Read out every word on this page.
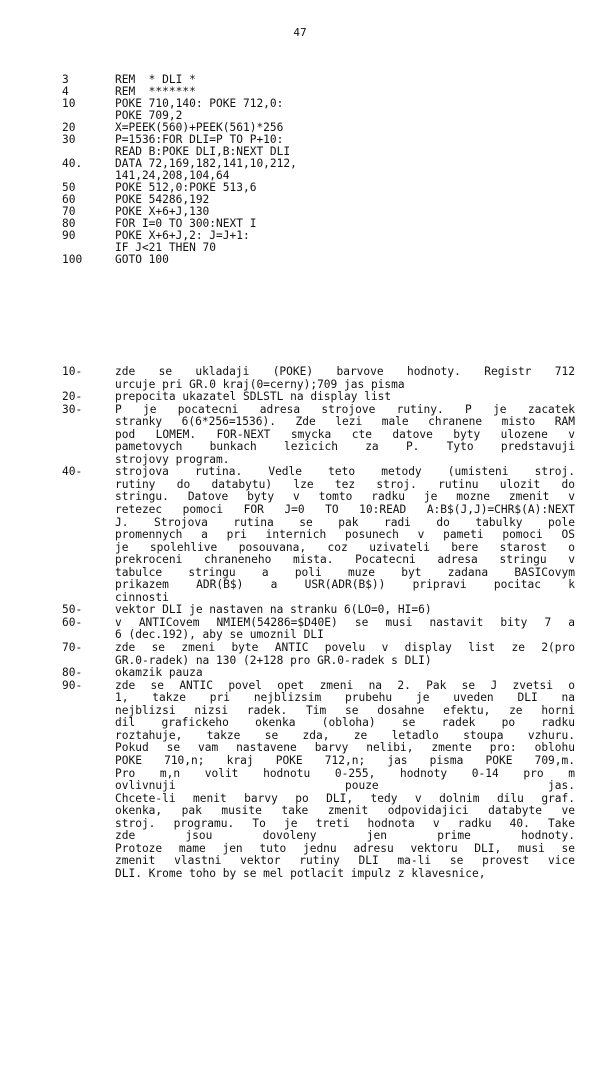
47
3	REM  * DLI *
4	REM  *******
10	POKE 710,140: POKE 712,0:
POKE 709,2
20	X=PEEK(560)+PEEK(561)*256
30	P=1536:FOR DLI=P TO P+10:
READ B:POKE DLI,B:NEXT DLI
40.	DATA 72,169,182,141,10,212,
141,24,208,104,64
50	POKE 512,0:POKE 513,6
60	POKE 54286,192
70	POKE X+6+J,130
80	FOR I=0 TO 300:NEXT I
90	POKE X+6+J,2: J=J+1:
IF J<21 THEN 70
100	GOTO 100
10-	zde se ukladaji (POKE) barvove hodnoty. Registr 712
urcuje pri GR.0 kraj(0=cerny);709 jas pisma
20-	prepocita ukazatel SDLSTL na display list
30-	P je pocatecni adresa strojove rutiny. P je zacatek
stranky 6(6*256=1536). Zde lezi male chranene misto RAM
pod LOMEM. FOR-NEXT smycka cte datove byty ulozene v
pametovych bunkach lezicich za P. Tyto predstavuji
strojovy program.
40-	strojova rutina. Vedle teto metody (umisteni stroj.
rutiny do databytu) lze tez stroj. rutinu ulozit do
stringu. Datove byty v tomto radku je mozne zmenit v
retezec pomoci FOR J=0 TO 10:READ A:B$(J,J)=CHR$(A):NEXT
J. Strojova rutina se pak radi do tabulky pole
promennych a pri internich posunech v pameti pomoci OS
je spolehlive posouvana, coz uzivateli bere starost o
prekroceni chraneneho mista. Pocatecni adresa stringu v
tabulce stringu a poli muze byt zadana BASICovym
prikazem ADR(B$) a USR(ADR(B$)) pripravi pocitac k
cinnosti
50-	vektor DLI je nastaven na stranku 6(LO=0, HI=6)
60-	v ANTICovem NMIEM(54286=$D40E) se musi nastavit bity 7 a
6 (dec.192), aby se umoznil DLI
70-	zde se zmeni byte ANTIC povelu v display list ze 2(pro
GR.0-radek) na 130 (2+128 pro GR.0-radek s DLI)
80-	okamzik pauza
90-	zde se ANTIC povel opet zmeni na 2. Pak se J zvetsi o
1, takze pri nejblizsim prubehu je uveden DLI na
nejblizsi nizsi radek. Tim se dosahne efektu, ze horni
dil grafickeho okenka (obloha) se radek po radku
roztahuje, takze se zda, ze letadlo stoupa vzhuru.
Pokud se vam nastavene barvy nelibi, zmente pro: oblohu
POKE 710,n; kraj POKE 712,n; jas pisma POKE 709,m.
Pro m,n volit hodnotu 0-255, hodnoty 0-14 pro m
ovlivnuji pouze jas.
Chcete-li menit barvy po DLI, tedy v dolnim dilu graf.
okenka, pak musite take zmenit odpovidajici databyte ve
stroj. programu. To je treti hodnota v radku 40. Take
zde jsou dovoleny jen prime hodnoty.
Protoze mame jen tuto jednu adresu vektoru DLI, musi se
zmenit vlastni vektor rutiny DLI ma-li se provest vice
DLI. Krome toho by se mel potlacit impulz z klavesnice,
